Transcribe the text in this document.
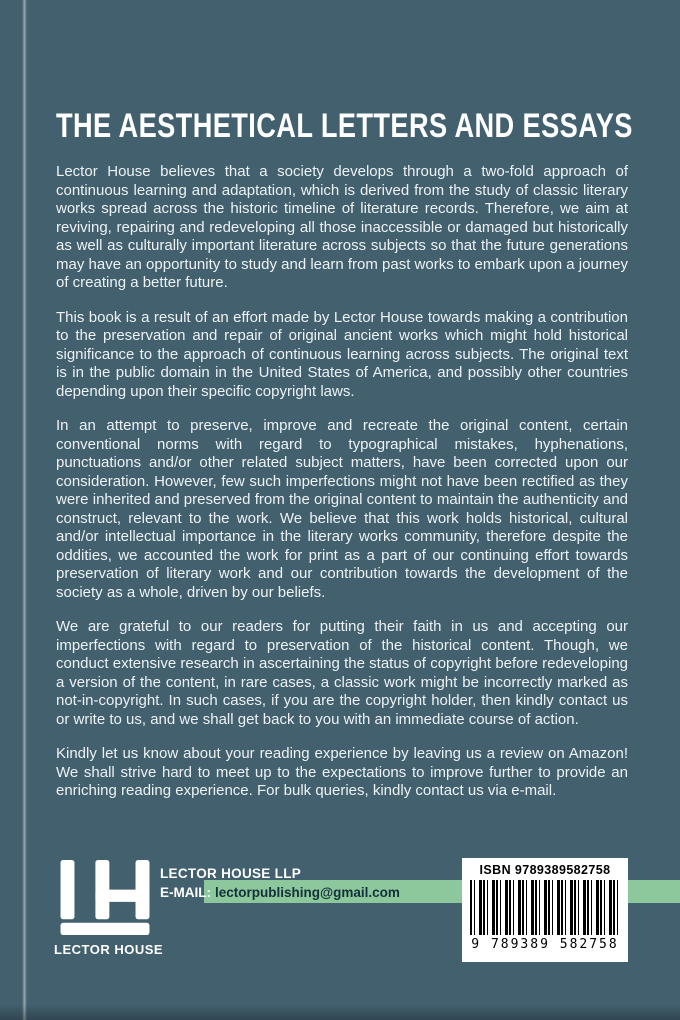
THE AESTHETICAL LETTERS AND ESSAYS

Lector House believes that a society develops through a two-fold approach of continuous learning and adaptation, which is derived from the study of classic literary works spread across the historic timeline of literature records. Therefore, we aim at reviving, repairing and redeveloping all those inaccessible or damaged but historically as well as culturally important literature across subjects so that the future generations may have an opportunity to study and learn from past works to embark upon a journey of creating a better future.

This book is a result of an effort made by Lector House towards making a contribution to the preservation and repair of original ancient works which might hold historical significance to the approach of continuous learning across subjects. The original text is in the public domain in the United States of America, and possibly other countries depending upon their specific copyright laws.

In an attempt to preserve, improve and recreate the original content, certain conventional norms with regard to typographical mistakes, hyphenations, punctuations and/or other related subject matters, have been corrected upon our consideration. However, few such imperfections might not have been rectified as they were inherited and preserved from the original content to maintain the authenticity and construct, relevant to the work. We believe that this work holds historical, cultural and/or intellectual importance in the literary works community, therefore despite the oddities, we accounted the work for print as a part of our continuing effort towards preservation of literary work and our contribution towards the development of the society as a whole, driven by our beliefs.

We are grateful to our readers for putting their faith in us and accepting our imperfections with regard to preservation of the historical content. Though, we conduct extensive research in ascertaining the status of copyright before redeveloping a version of the content, in rare cases, a classic work might be incorrectly marked as not-in-copyright. In such cases, if you are the copyright holder, then kindly contact us or write to us, and we shall get back to you with an immediate course of action.

Kindly let us know about your reading experience by leaving us a review on Amazon! We shall strive hard to meet up to the expectations to improve further to provide an enriching reading experience. For bulk queries, kindly contact us via e-mail.

LECTOR HOUSE
LECTOR HOUSE LLP
E-MAIL: lectorpublishing@gmail.com
ISBN 9789389582758
9 789389 582758
